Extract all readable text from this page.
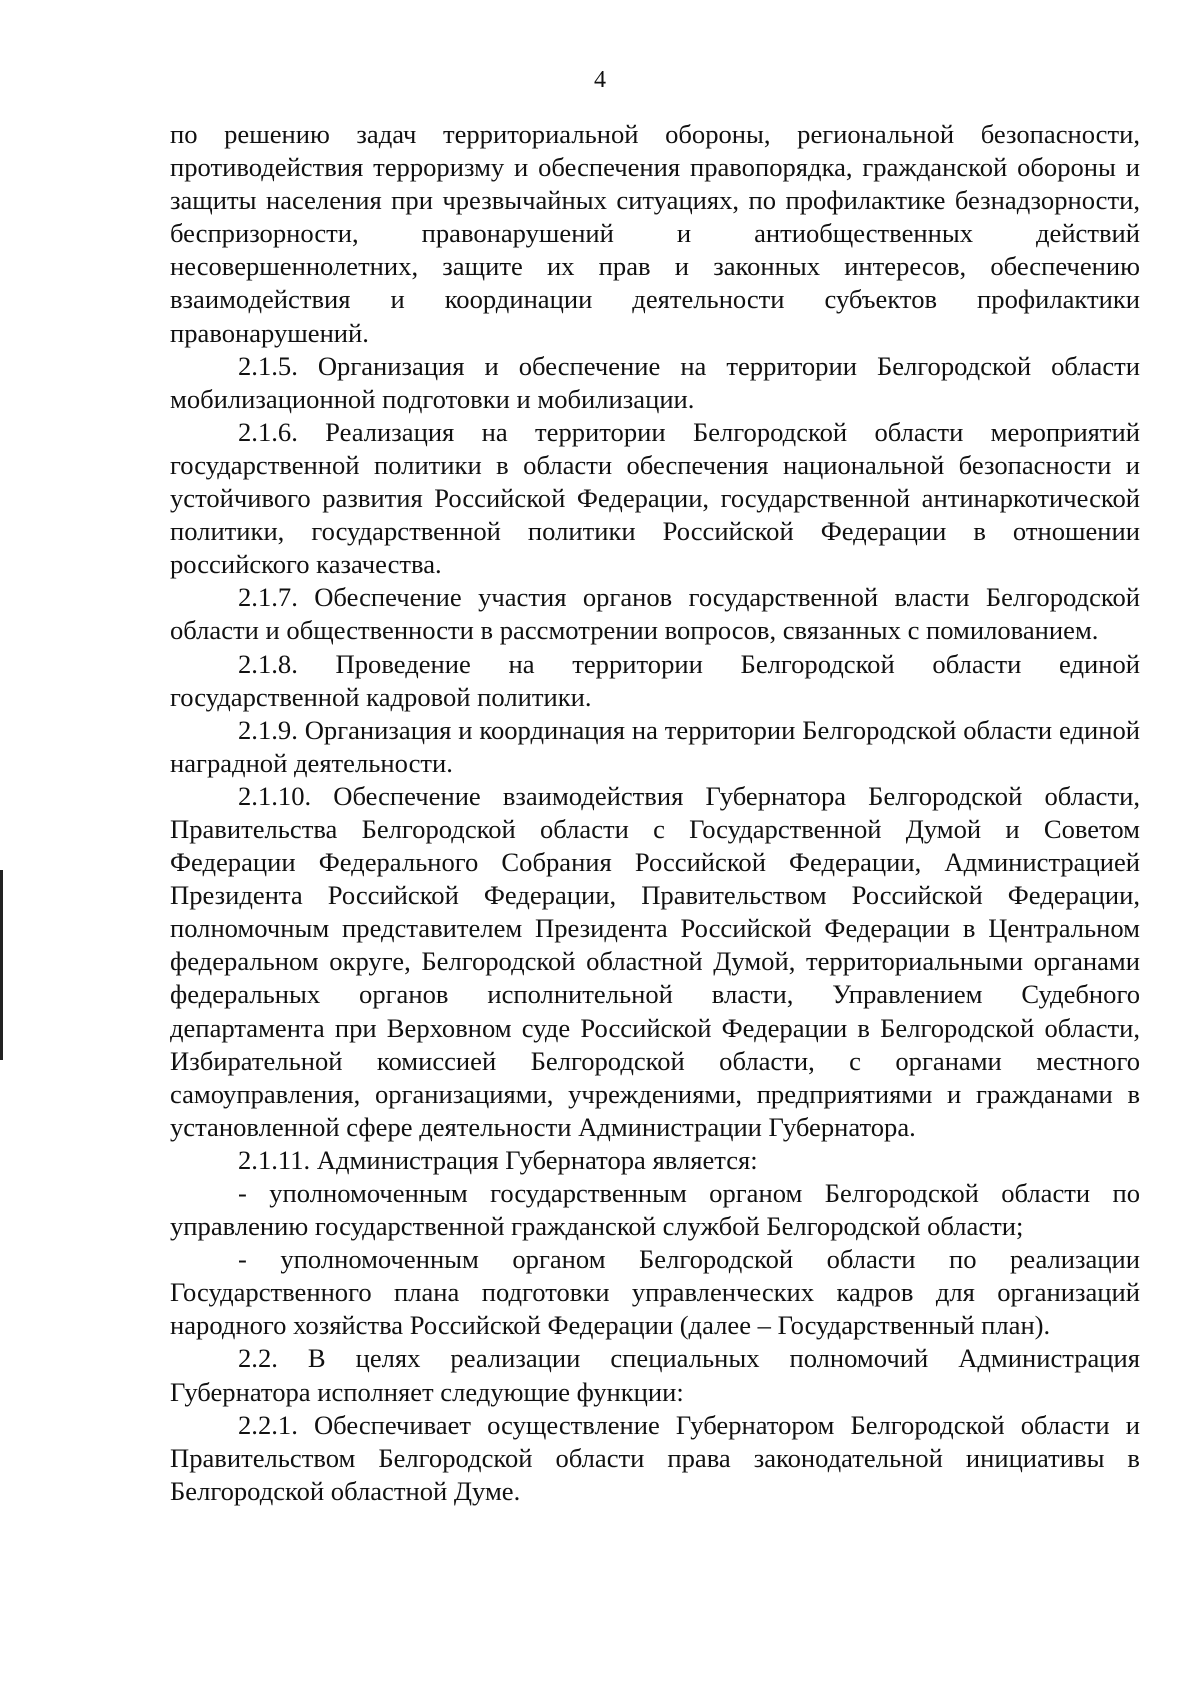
4

по решению задач территориальной обороны, региональной безопасности, противодействия терроризму и обеспечения правопорядка, гражданской обороны и защиты населения при чрезвычайных ситуациях, по профилактике безнадзорности, беспризорности, правонарушений и антиобщественных действий несовершеннолетних, защите их прав и законных интересов, обеспечению взаимодействия и координации деятельности субъектов профилактики правонарушений.

2.1.5. Организация и обеспечение на территории Белгородской области мобилизационной подготовки и мобилизации.

2.1.6. Реализация на территории Белгородской области мероприятий государственной политики в области обеспечения национальной безопасности и устойчивого развития Российской Федерации, государственной антинаркотической политики, государственной политики Российской Федерации в отношении российского казачества.

2.1.7. Обеспечение участия органов государственной власти Белгородской области и общественности в рассмотрении вопросов, связанных с помилованием.

2.1.8. Проведение на территории Белгородской области единой государственной кадровой политики.

2.1.9. Организация и координация на территории Белгородской области единой наградной деятельности.

2.1.10. Обеспечение взаимодействия Губернатора Белгородской области, Правительства Белгородской области с Государственной Думой и Советом Федерации Федерального Собрания Российской Федерации, Администрацией Президента Российской Федерации, Правительством Российской Федерации, полномочным представителем Президента Российской Федерации в Центральном федеральном округе, Белгородской областной Думой, территориальными органами федеральных органов исполнительной власти, Управлением Судебного департамента при Верховном суде Российской Федерации в Белгородской области, Избирательной комиссией Белгородской области, с органами местного самоуправления, организациями, учреждениями, предприятиями и гражданами в установленной сфере деятельности Администрации Губернатора.

2.1.11. Администрация Губернатора является:

- уполномоченным государственным органом Белгородской области по управлению государственной гражданской службой Белгородской области;

- уполномоченным органом Белгородской области по реализации Государственного плана подготовки управленческих кадров для организаций народного хозяйства Российской Федерации (далее – Государственный план).

2.2. В целях реализации специальных полномочий Администрация Губернатора исполняет следующие функции:

2.2.1. Обеспечивает осуществление Губернатором Белгородской области и Правительством Белгородской области права законодательной инициативы в Белгородской областной Думе.
